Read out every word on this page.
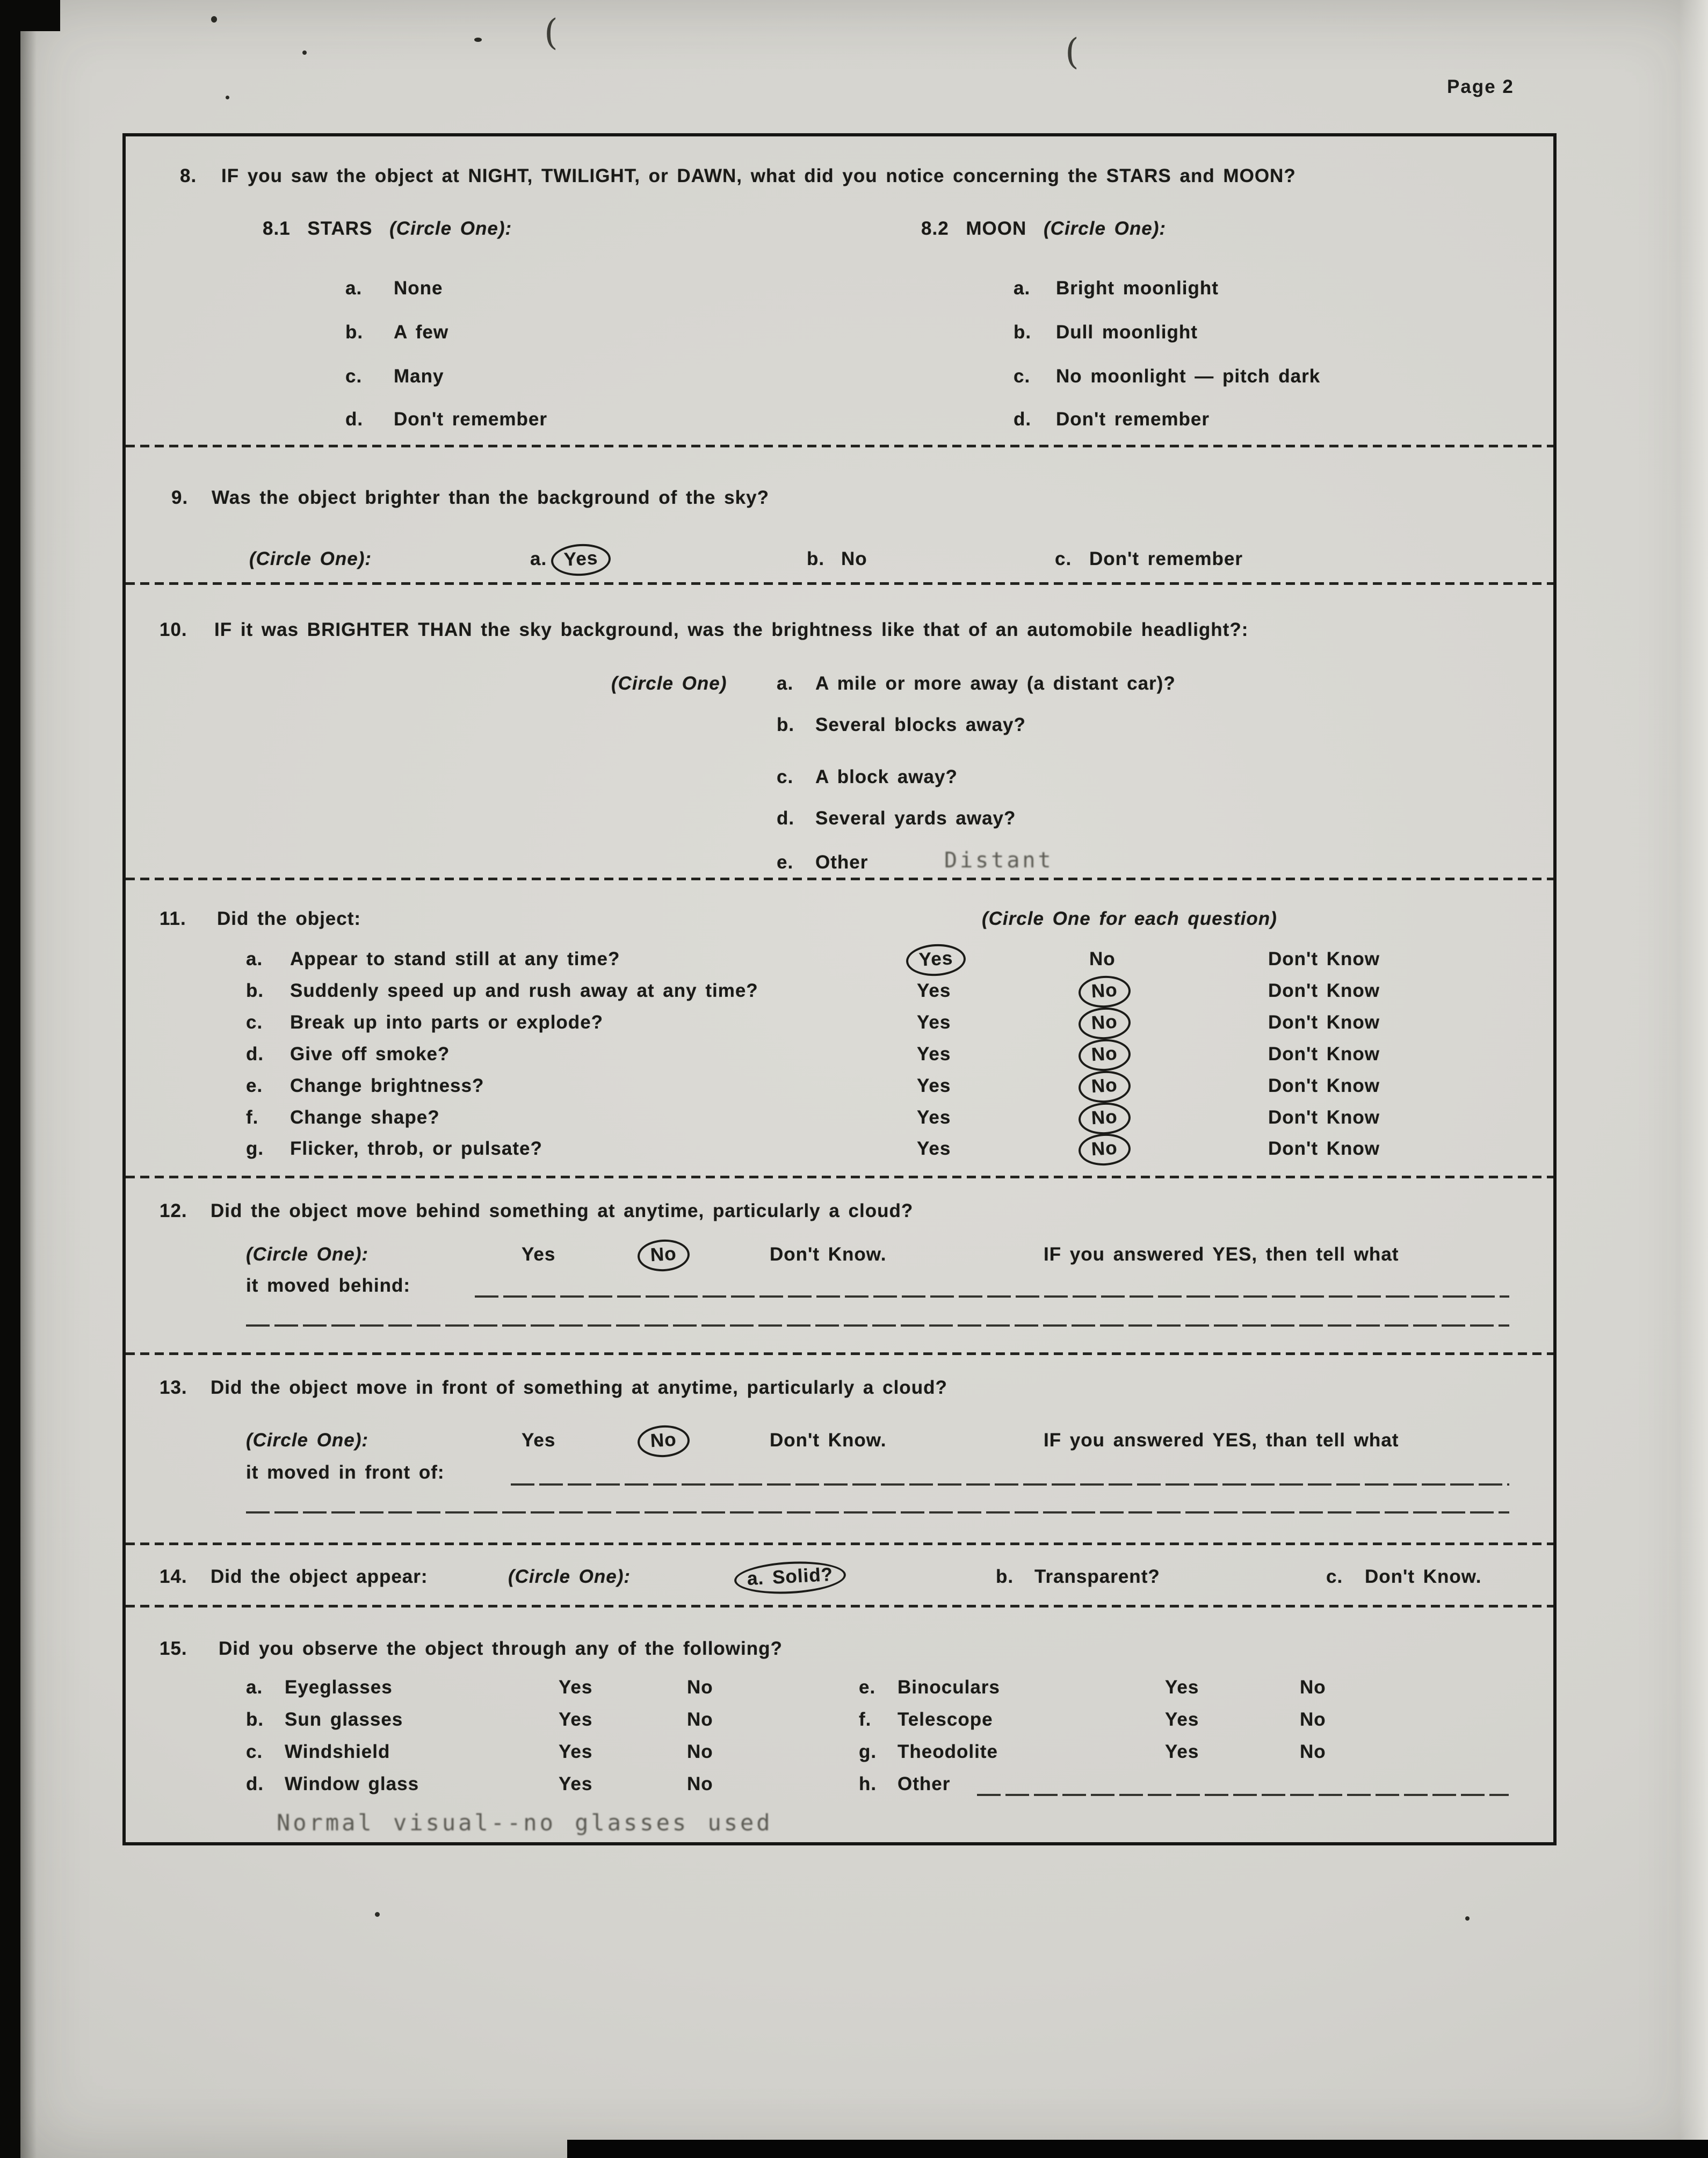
Page 2
(	(
8. IF you saw the object at NIGHT, TWILIGHT, or DAWN, what did you notice concerning the STARS and MOON?
8.1 STARS (Circle One):	8.2 MOON (Circle One):
a. None	a. Bright moonlight
b. A few	b. Dull moonlight
c. Many	c. No moonlight — pitch dark
d. Don't remember	d. Don't remember
9. Was the object brighter than the background of the sky?
(Circle One):	a. Yes	b. No	c. Don't remember
10. IF it was BRIGHTER THAN the sky background, was the brightness like that of an automobile headlight?:
(Circle One)	a. A mile or more away (a distant car)?
b. Several blocks away?
c. A block away?
d. Several yards away?
e. Other	Distant
11. Did the object:	(Circle One for each question)
a. Appear to stand still at any time?	Yes	No	Don't Know
b. Suddenly speed up and rush away at any time?	Yes	No	Don't Know
c. Break up into parts or explode?	Yes	No	Don't Know
d. Give off smoke?	Yes	No	Don't Know
e. Change brightness?	Yes	No	Don't Know
f. Change shape?	Yes	No	Don't Know
g. Flicker, throb, or pulsate?	Yes	No	Don't Know
12. Did the object move behind something at anytime, particularly a cloud?
(Circle One):	Yes	No	Don't Know.	IF you answered YES, then tell what
it moved behind:
13. Did the object move in front of something at anytime, particularly a cloud?
(Circle One):	Yes	No	Don't Know.	IF you answered YES, than tell what
it moved in front of:
14. Did the object appear:	(Circle One):	a. Solid?	b. Transparent?	c. Don't Know.
15. Did you observe the object through any of the following?
a. Eyeglasses	Yes	No	e. Binoculars	Yes	No
b. Sun glasses	Yes	No	f. Telescope	Yes	No
c. Windshield	Yes	No	g. Theodolite	Yes	No
d. Window glass	Yes	No	h. Other
Normal visual--no glasses used
